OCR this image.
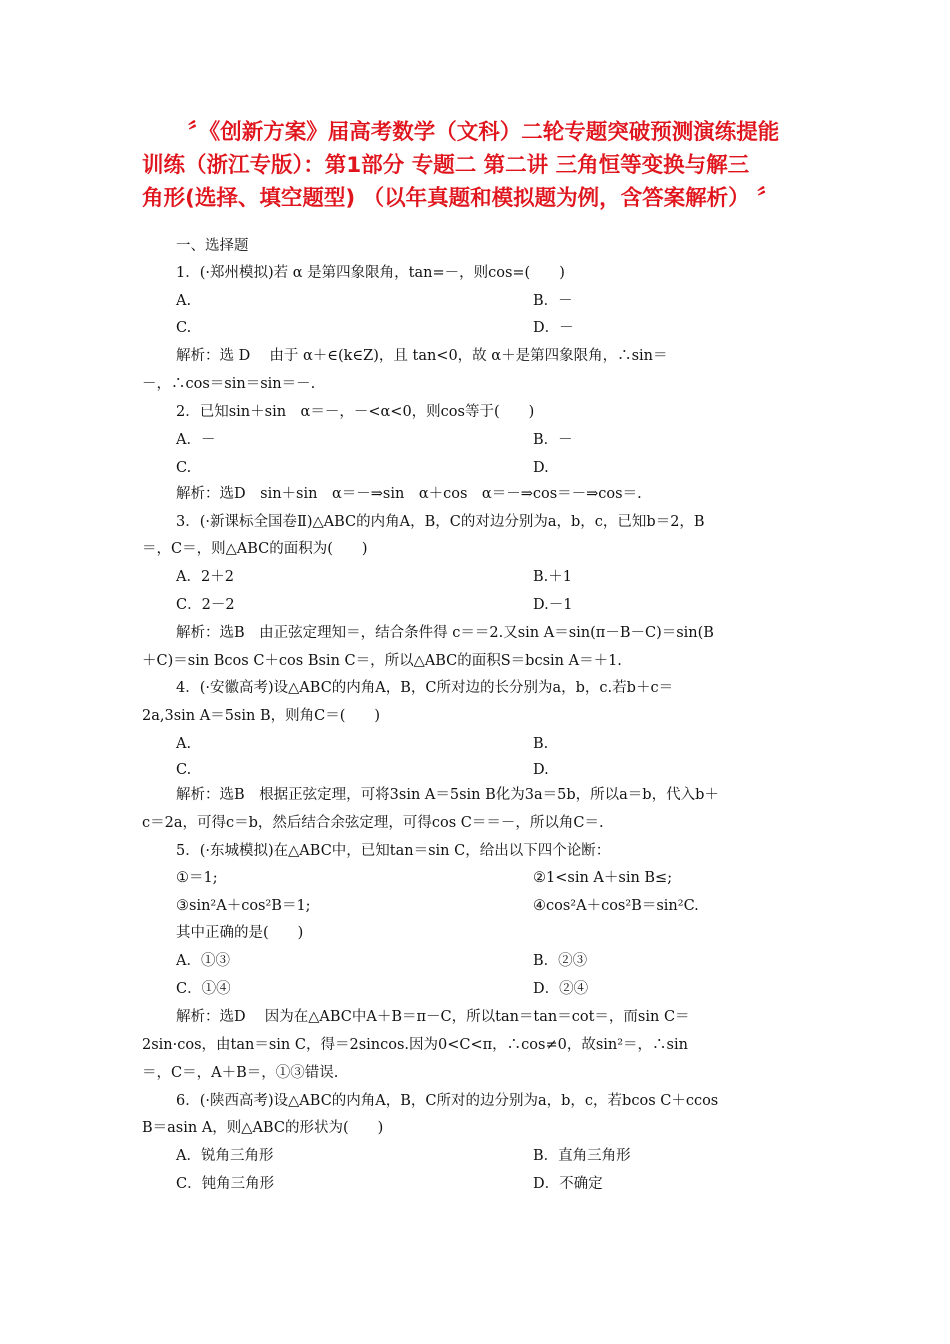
〞《创新方案》届高考数学（文科）二轮专题突破预测演练提能
训练（浙江专版）：第1部分 专题二 第二讲 三角恒等变换与解三
角形(选择、填空题型) （以年真题和模拟题为例，含答案解析） 〞
一、选择题
1．(·郑州模拟)若 α 是第四象限角，tan=－，则cos=(　　)
A.	B．－
C.	D．－
解析：选 D　 由于 α＋∈(k∈Z)，且 tan<0，故 α＋是第四象限角，∴sin＝
－，∴cos＝sin＝sin＝－.
2．已知sin＋sin　α＝－，－<α<0，则cos等于(　　)
A．－	B．－
C.	D.
解析：选D　sin＋sin　α＝－⇒sin　α＋cos　α＝－⇒cos＝－⇒cos＝.
3．(·新课标全国卷Ⅱ)△ABC的内角A，B，C的对边分别为a，b，c，已知b＝2，B
＝，C＝，则△ABC的面积为(　　)
A．2＋2	B.＋1
C．2－2	D.－1
解析：选B　由正弦定理知＝，结合条件得 c＝＝2.又sin A＝sin(π－B－C)＝sin(B
＋C)＝sin Bcos C＋cos Bsin C＝，所以△ABC的面积S＝bcsin A＝＋1.
4．(·安徽高考)设△ABC的内角A，B，C所对边的长分别为a，b，c.若b＋c＝
2a,3sin A＝5sin B，则角C＝(　　)
A.	B.
C.	D.
解析：选B　根据正弦定理，可将3sin A＝5sin B化为3a＝5b，所以a＝b，代入b＋
c＝2a，可得c＝b，然后结合余弦定理，可得cos C＝＝－，所以角C＝.
5．(·东城模拟)在△ABC中，已知tan＝sin C，给出以下四个论断：
①＝1;	②1<sin A＋sin B≤;
③sin²A＋cos²B＝1;	④cos²A＋cos²B＝sin²C.
其中正确的是(　　)
A．①③	B．②③
C．①④	D．②④
解析：选D　 因为在△ABC中A＋B＝π－C，所以tan＝tan＝cot＝，而sin C＝
2sin·cos，由tan＝sin C，得＝2sincos.因为0<C<π，∴cos≠0，故sin²＝，∴sin
＝，C＝，A＋B＝，①③错误.
6．(·陕西高考)设△ABC的内角A，B，C所对的边分别为a，b，c，若bcos C＋ccos
B＝asin A，则△ABC的形状为(　　)
A．锐角三角形	B．直角三角形
C．钝角三角形	D．不确定
